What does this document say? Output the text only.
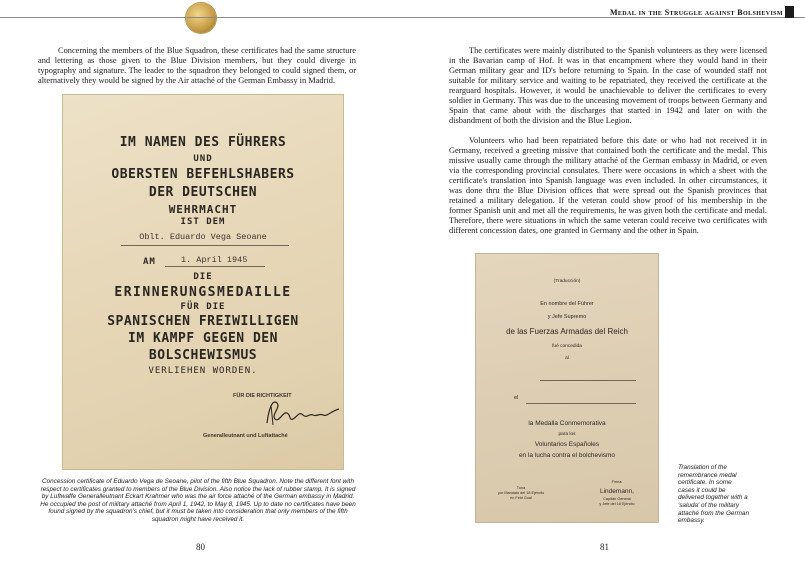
Medal in the Struggle against Bolshevism

Concerning the members of the Blue Squadron, these certificates had the same structure and lettering as those given to the Blue Division members, but they could diverge in typography and signature. The leader to the squadron they belonged to could signed them, or alternatively they would be signed by the Air attaché of the German Embassy in Madrid.

IM NAMEN DES FÜHRERS
UND
OBERSTEN BEFEHLSHABERS
DER DEUTSCHEN
WEHRMACHT
IST DEM
Oblt. Eduardo Vega Seoane
AM	1. April 1945
DIE
ERINNERUNGSMEDAILLE
FÜR DIE
SPANISCHEN FREIWILLIGEN
IM KAMPF GEGEN DEN
BOLSCHEWISMUS
VERLIEHEN WORDEN.
FÜR DIE RICHTIGKEIT
Generalleutnant und Luftattaché
Concession certificate of Eduardo Vega de Seoane, pilot of the fifth Blue Squadron. Note the different font with respect to certificates granted to members of the Blue Division. Also notice the lack of rubber stamp. It is signed by Luftwaffe Generalleutnant Eckart Krahmer who was the air force attaché of the German embassy in Madrid. He occupied the post of military attaché from April 1, 1942, to May 8, 1945. Up to date no certificates have been found signed by the squadron's chief, but it must be taken into consideration that only members of the fifth squadron might have received it.
80

The certificates were mainly distributed to the Spanish volunteers as they were licensed in the Bavarian camp of Hof. It was in that encampment where they would hand in their German military gear and ID's before returning to Spain. In the case of wounded staff not suitable for military service and waiting to be repatriated, they received the certificate at the rearguard hospitals. However, it would be unachievable to deliver the certificates to every soldier in Germany. This was due to the unceasing movement of troops between Germany and Spain that came about with the discharges that started in 1942 and later on with the disbandment of both the division and the Blue Legion.

Volunteers who had been repatriated before this date or who had not received it in Germany, received a greeting missive that contained both the certificate and the medal. This missive usually came through the military attaché of the German embassy in Madrid, or even via the corresponding provincial consulates. There were occasions in which a sheet with the certificate's translation into Spanish language was even included. In other circumstances, it was done thru the Blue Division offices that were spread out the Spanish provinces that retained a military delegation. If the veteran could show proof of his membership in the former Spanish unit and met all the requirements, he was given both the certificate and medal. Therefore, there were situations in which the same veteran could receive two certificates with different concession dates, one granted in Germany and the other in Spain.

(Traducción)
En nombre del Führer
y Jefe Supremo
de las Fuerzas Armadas del Reich
fué concedida
al
el
la Medalla Conmemorativa
para los
Voluntarios Españoles
en la lucha contra el bolchevismo
Tuna
por Mandato del 18 Ejército
en Feld Gual
Firma:
Lindemann,
Capitán General
y Jefe del 18 Ejército
Translation of the remembrance medal certificate. In some cases it could be delivered together with a 'saluda' of the military attaché from the German embassy.
81
